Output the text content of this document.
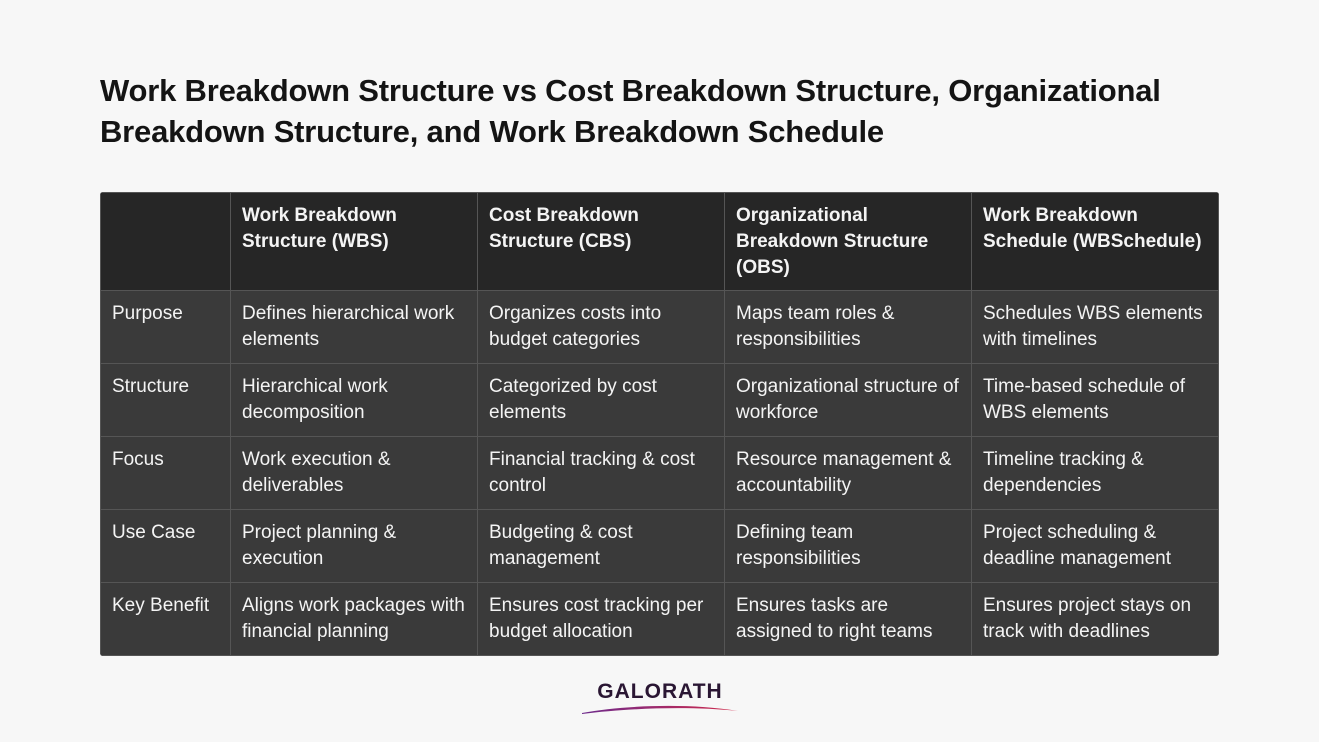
Work Breakdown Structure vs Cost Breakdown Structure, Organizational Breakdown Structure, and Work Breakdown Schedule
	Work Breakdown Structure (WBS)	Cost Breakdown Structure (CBS)	Organizational Breakdown Structure (OBS)	Work Breakdown Schedule (WBSchedule)
Purpose	Defines hierarchical work elements	Organizes costs into budget categories	Maps team roles & responsibilities	Schedules WBS elements with timelines
Structure	Hierarchical work decomposition	Categorized by cost elements	Organizational structure of workforce	Time-based schedule of WBS elements
Focus	Work execution & deliverables	Financial tracking & cost control	Resource management & accountability	Timeline tracking & dependencies
Use Case	Project planning & execution	Budgeting & cost management	Defining team responsibilities	Project scheduling & deadline management
Key Benefit	Aligns work packages with financial planning	Ensures cost tracking per budget allocation	Ensures tasks are assigned to right teams	Ensures project stays on track with deadlines
GALORATH
